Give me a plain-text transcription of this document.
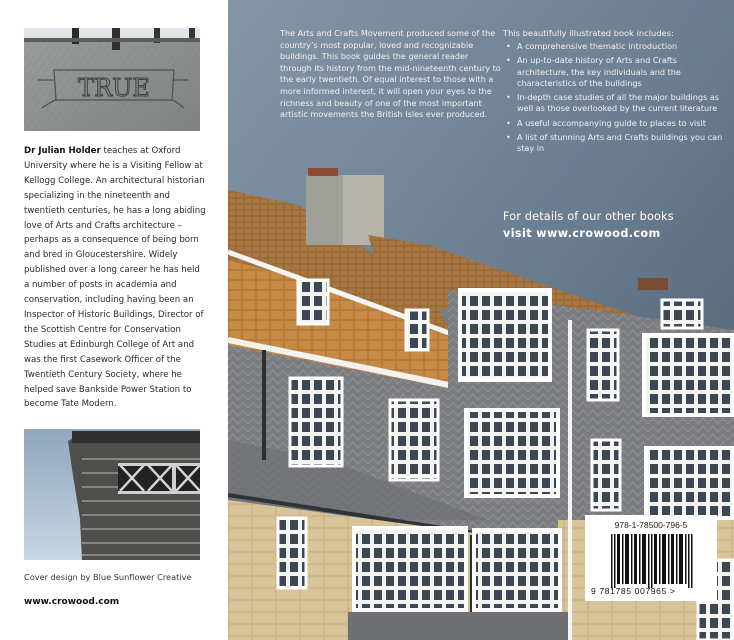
TRUE
Dr Julian Holder teaches at Oxford University where he is a Visiting Fellow at Kellogg College. An architectural historian specializing in the nineteenth and twentieth centuries, he has a long abiding love of Arts and Crafts architecture – perhaps as a consequence of being born and bred in Gloucestershire. Widely published over a long career he has held a number of posts in academia and conservation, including having been an Inspector of Historic Buildings, Director of the Scottish Centre for Conservation Studies at Edinburgh College of Art and was the first Casework Officer of the Twentieth Century Society, where he helped save Bankside Power Station to become Tate Modern.
Cover design by Blue Sunflower Creative
www.crowood.com
The Arts and Crafts Movement produced some of the country’s most popular, loved and recognizable buildings. This book guides the general reader through its history from the mid-nineteenth century to the early twentieth. Of equal interest to those with a more informed interest, it will open your eyes to the richness and beauty of one of the most important artistic movements the British Isles ever produced.
This beautifully illustrated book includes:
• A comprehensive thematic introduction
• An up-to-date history of Arts and Crafts architecture, the key individuals and the characteristics of the buildings
• In-depth case studies of all the major buildings as well as those overlooked by the current literature
• A useful accompanying guide to places to visit
• A list of stunning Arts and Crafts buildings you can stay in
For details of our other books
visit www.crowood.com
978-1-78500-796-5
9 781785 007965 >
